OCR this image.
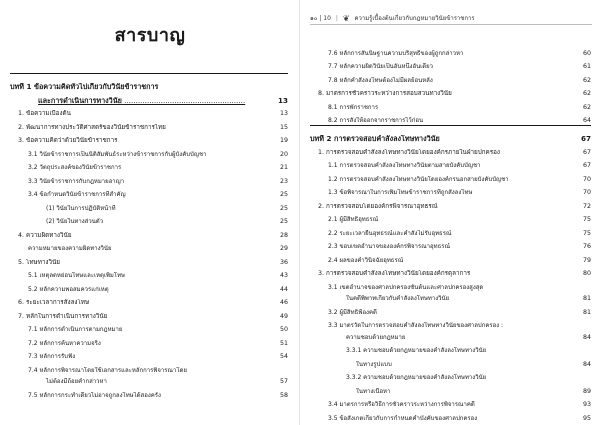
สารบาญ
บทที่ 1 ข้อความคิดทั่วไปเกี่ยวกับวินัยข้าราชการ
และการดำเนินการทางวินัย .....	13
1. ข้อความเบื้องต้น	13
2. พัฒนาการทางประวัติศาสตร์ของวินัยข้าราชการไทย	15
3. ข้อความคิดว่าด้วยวินัยข้าราชการ	19
3.1 วินัยข้าราชการเป็นนิติสัมพันธ์ระหว่างข้าราชการกับผู้บังคับบัญชา	20
3.2 วัตถุประสงค์ของวินัยข้าราชการ	21
3.3 วินัยข้าราชการกับกฎหมายอาญา	23
3.4 ข้อกำหนดวินัยข้าราชการที่สำคัญ	25
(1) วินัยในการปฏิบัติหน้าที่	25
(2) วินัยในทางส่วนตัว	25
4. ความผิดทางวินัย	28
ความหมายของความผิดทางวินัย	29
5. โทษทางวินัย	36
5.1 เหตุลดหย่อนโทษและเหตุเพิ่มโทษ	43
5.2 หลักความพอสมควรแก่เหตุ	44
6. ระยะเวลาการสั่งลงโทษ	46
7. หลักในการดำเนินการทางวินัย	49
7.1 หลักการดำเนินการตามกฎหมาย	50
7.2 หลักการค้นหาความจริง	51
7.3 หลักการรับฟัง	54
7.4 หลักการพิจารณาโดยใช้เอกสารและหลักการพิจารณาโดย
ไม่ต้องมีถ้อยคำกล่าวหา	57
7.5 หลักการกระทำเดียวไม่อาจถูกลงโทษได้สองครั้ง	58
๑๐ | 10 | ❦ ความรู้เบื้องต้นเกี่ยวกับกฎหมายวินัยข้าราชการ
7.6 หลักการสันนิษฐานความบริสุทธิ์ของผู้ถูกกล่าวหา	60
7.7 หลักความผิดวินัยเป็นอันหนึ่งอันเดียว	61
7.8 หลักคำสั่งลงโทษต้องไม่มีผลย้อนหลัง	62
8. มาตรการชั่วคราวระหว่างการสอบสวนทางวินัย	62
8.1 การพักราชการ	62
8.2 การสั่งให้ออกจากราชการไว้ก่อน	64
บทที่ 2 การตรวจสอบคำสั่งลงโทษทางวินัย	67
1. การตรวจสอบคำสั่งลงโทษทางวินัยโดยองค์กรภายในฝ่ายปกครอง	67
1.1 การตรวจสอบคำสั่งลงโทษทางวินัยตามสายบังคับบัญชา	67
1.2 การตรวจสอบคำสั่งลงโทษทางวินัยโดยองค์กรนอกสายบังคับบัญชา	70
1.3 ข้อพิจารณาในการเพิ่มโทษข้าราชการที่ถูกสั่งลงโทษ	70
2. การตรวจสอบโดยองค์กรพิจารณาอุทธรณ์	72
2.1 ผู้มีสิทธิอุทธรณ์	75
2.2 ระยะเวลายื่นอุทธรณ์และคำสั่งไม่รับอุทธรณ์	75
2.3 ขอบเขตอำนาจขององค์กรพิจารณาอุทธรณ์	76
2.4 ผลของคำวินิจฉัยอุทธรณ์	79
3. การตรวจสอบคำสั่งลงโทษทางวินัยโดยองค์กรตุลาการ	80
3.1 เขตอำนาจของศาลปกครองชั้นต้นและศาลปกครองสูงสุด
ในคดีพิพาทเกี่ยวกับคำสั่งลงโทษทางวินัย	81
3.2 ผู้มีสิทธิฟ้องคดี	81
3.3 มาตรวัดในการตรวจสอบคำสั่งลงโทษทางวินัยของศาลปกครอง :
ความชอบด้วยกฎหมาย	84
3.3.1 ความชอบด้วยกฎหมายของคำสั่งลงโทษทางวินัย
ในทางรูปแบบ	84
3.3.2 ความชอบด้วยกฎหมายของคำสั่งลงโทษทางวินัย
ในทางเนื้อหา	89
3.4 มาตรการหรือวิธีการชั่วคราวระหว่างการพิจารณาคดี	93
3.5 ข้อสังเกตเกี่ยวกับการกำหนดคำบังคับของศาลปกครอง	95
